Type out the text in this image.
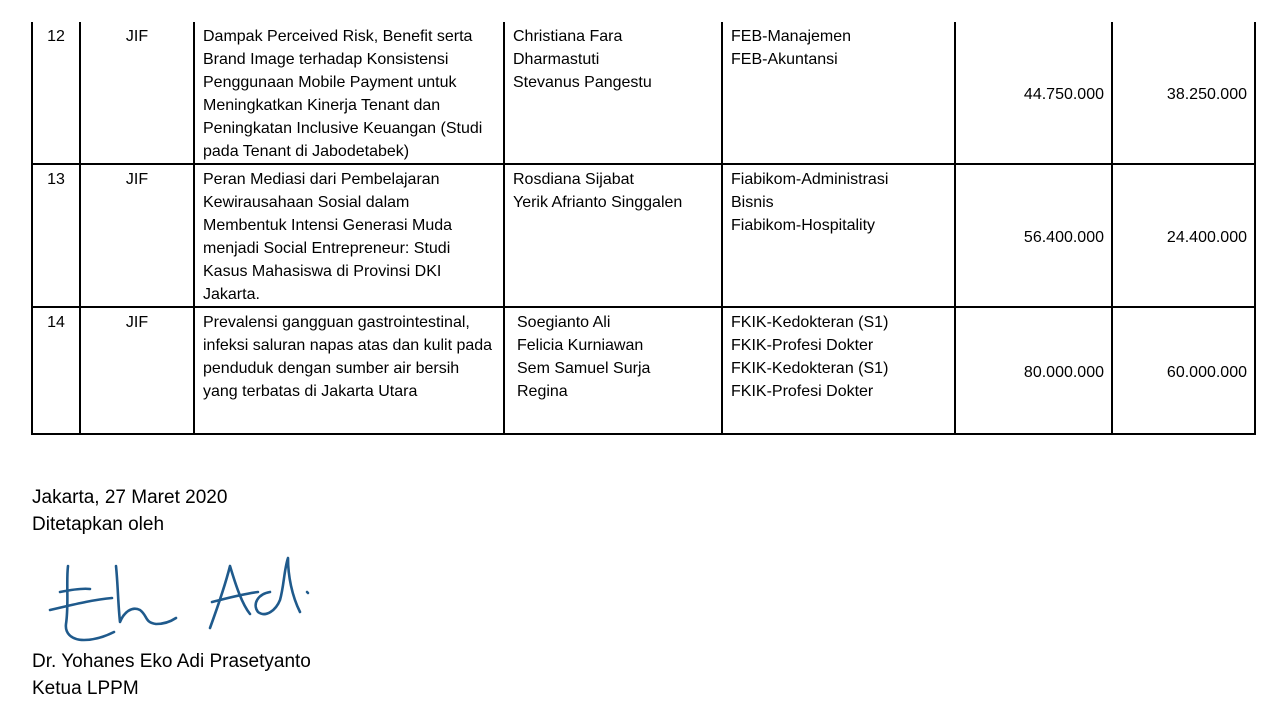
12	JIF	Dampak Perceived Risk, Benefit serta Brand Image terhadap Konsistensi Penggunaan Mobile Payment untuk Meningkatkan Kinerja Tenant dan Peningkatan Inclusive Keuangan (Studi pada Tenant di Jabodetabek)	Christiana Fara
Dharmastuti
Stevanus Pangestu	FEB-Manajemen
FEB-Akuntansi	44.750.000	38.250.000
13	JIF	Peran Mediasi dari Pembelajaran Kewirausahaan Sosial dalam Membentuk Intensi Generasi Muda menjadi Social Entrepreneur: Studi Kasus Mahasiswa di Provinsi DKI Jakarta.	Rosdiana Sijabat
Yerik Afrianto Singgalen	Fiabikom-Administrasi
Bisnis
Fiabikom-Hospitality	56.400.000	24.400.000
14	JIF	Prevalensi gangguan gastrointestinal, infeksi saluran napas atas dan kulit pada penduduk dengan sumber air bersih yang terbatas di Jakarta Utara	Soegianto Ali
Felicia Kurniawan
Sem Samuel Surja
Regina	FKIK-Kedokteran (S1)
FKIK-Profesi Dokter
FKIK-Kedokteran (S1)
FKIK-Profesi Dokter	80.000.000	60.000.000
Jakarta, 27 Maret 2020
Ditetapkan oleh
Dr. Yohanes Eko Adi Prasetyanto
Ketua LPPM
